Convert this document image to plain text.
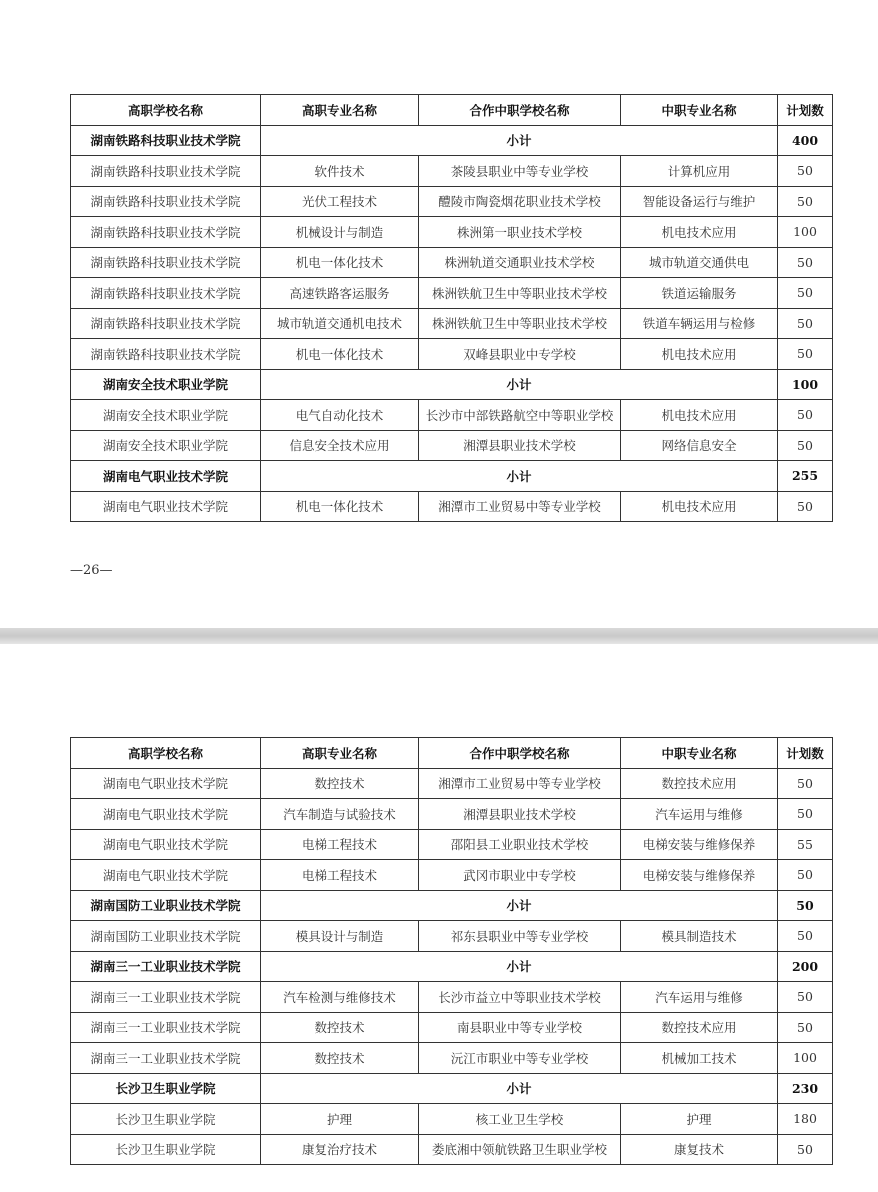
高职学校名称	高职专业名称	合作中职学校名称	中职专业名称	计划数
湖南铁路科技职业技术学院	小计			400
湖南铁路科技职业技术学院	软件技术	茶陵县职业中等专业学校	计算机应用	50
湖南铁路科技职业技术学院	光伏工程技术	醴陵市陶瓷烟花职业技术学校	智能设备运行与维护	50
湖南铁路科技职业技术学院	机械设计与制造	株洲第一职业技术学校	机电技术应用	100
湖南铁路科技职业技术学院	机电一体化技术	株洲轨道交通职业技术学校	城市轨道交通供电	50
湖南铁路科技职业技术学院	高速铁路客运服务	株洲铁航卫生中等职业技术学校	铁道运输服务	50
湖南铁路科技职业技术学院	城市轨道交通机电技术	株洲铁航卫生中等职业技术学校	铁道车辆运用与检修	50
湖南铁路科技职业技术学院	机电一体化技术	双峰县职业中专学校	机电技术应用	50
湖南安全技术职业学院	小计			100
湖南安全技术职业学院	电气自动化技术	长沙市中部铁路航空中等职业学校	机电技术应用	50
湖南安全技术职业学院	信息安全技术应用	湘潭县职业技术学校	网络信息安全	50
湖南电气职业技术学院	小计			255
湖南电气职业技术学院	机电一体化技术	湘潭市工业贸易中等专业学校	机电技术应用	50
—26—
高职学校名称	高职专业名称	合作中职学校名称	中职专业名称	计划数
湖南电气职业技术学院	数控技术	湘潭市工业贸易中等专业学校	数控技术应用	50
湖南电气职业技术学院	汽车制造与试验技术	湘潭县职业技术学校	汽车运用与维修	50
湖南电气职业技术学院	电梯工程技术	邵阳县工业职业技术学校	电梯安装与维修保养	55
湖南电气职业技术学院	电梯工程技术	武冈市职业中专学校	电梯安装与维修保养	50
湖南国防工业职业技术学院	小计			50
湖南国防工业职业技术学院	模具设计与制造	祁东县职业中等专业学校	模具制造技术	50
湖南三一工业职业技术学院	小计			200
湖南三一工业职业技术学院	汽车检测与维修技术	长沙市益立中等职业技术学校	汽车运用与维修	50
湖南三一工业职业技术学院	数控技术	南县职业中等专业学校	数控技术应用	50
湖南三一工业职业技术学院	数控技术	沅江市职业中等专业学校	机械加工技术	100
长沙卫生职业学院	小计			230
长沙卫生职业学院	护理	核工业卫生学校	护理	180
长沙卫生职业学院	康复治疗技术	娄底湘中领航铁路卫生职业学校	康复技术	50
